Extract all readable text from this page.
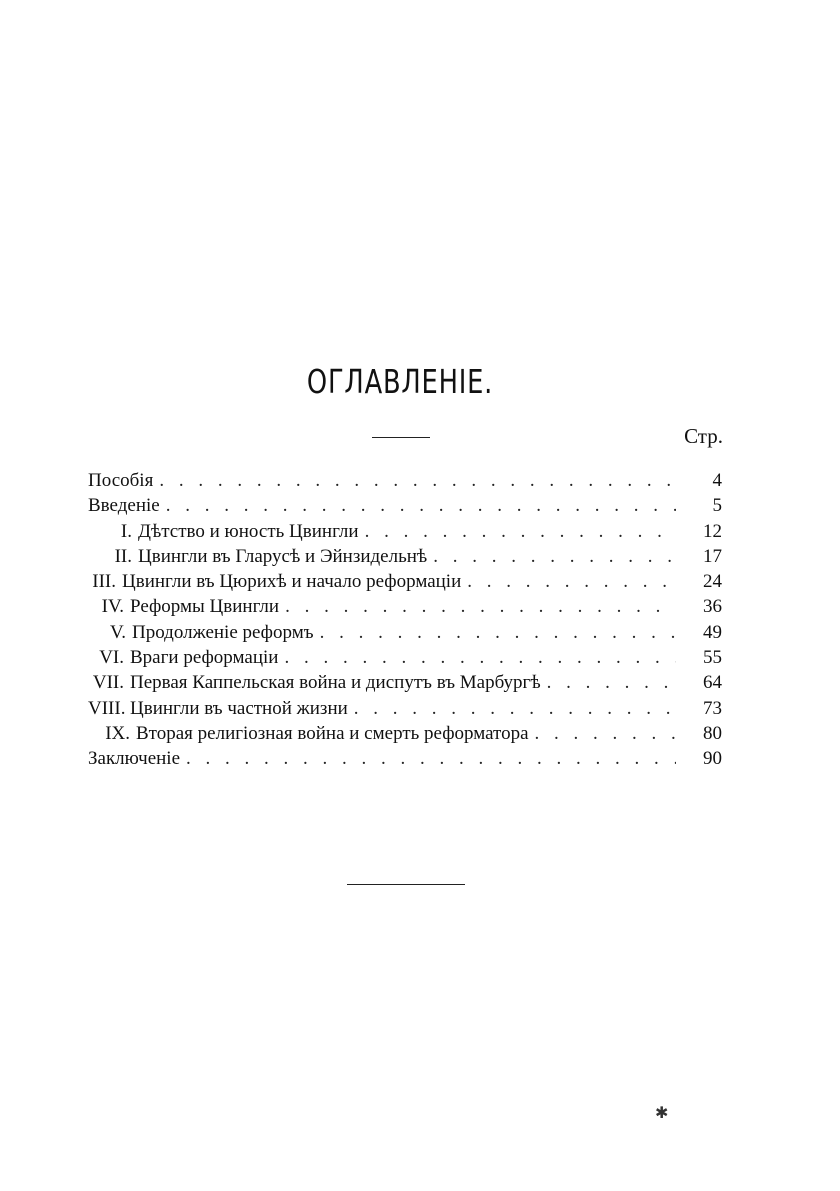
ОГЛАВЛЕНІЕ.
Стр.
Пособія . . .	4
Введеніе . . .	5
I. Дѣтство и юность Цвингли . . .	12
II. Цвингли въ Гларусѣ и Эйнзидельнѣ . . .	17
III. Цвингли въ Цюрихѣ и начало реформаціи . . .	24
IV. Реформы Цвингли . . .	36
V. Продолженіе реформъ . . .	49
VI. Враги реформаціи . . .	55
VII. Первая Каппельская война и диспутъ въ Марбургѣ . . .	64
VIII. Цвингли въ частной жизни . . .	73
IX. Вторая религіозная война и смерть реформатора . . .	80
Заключеніе . . .	90
✱
